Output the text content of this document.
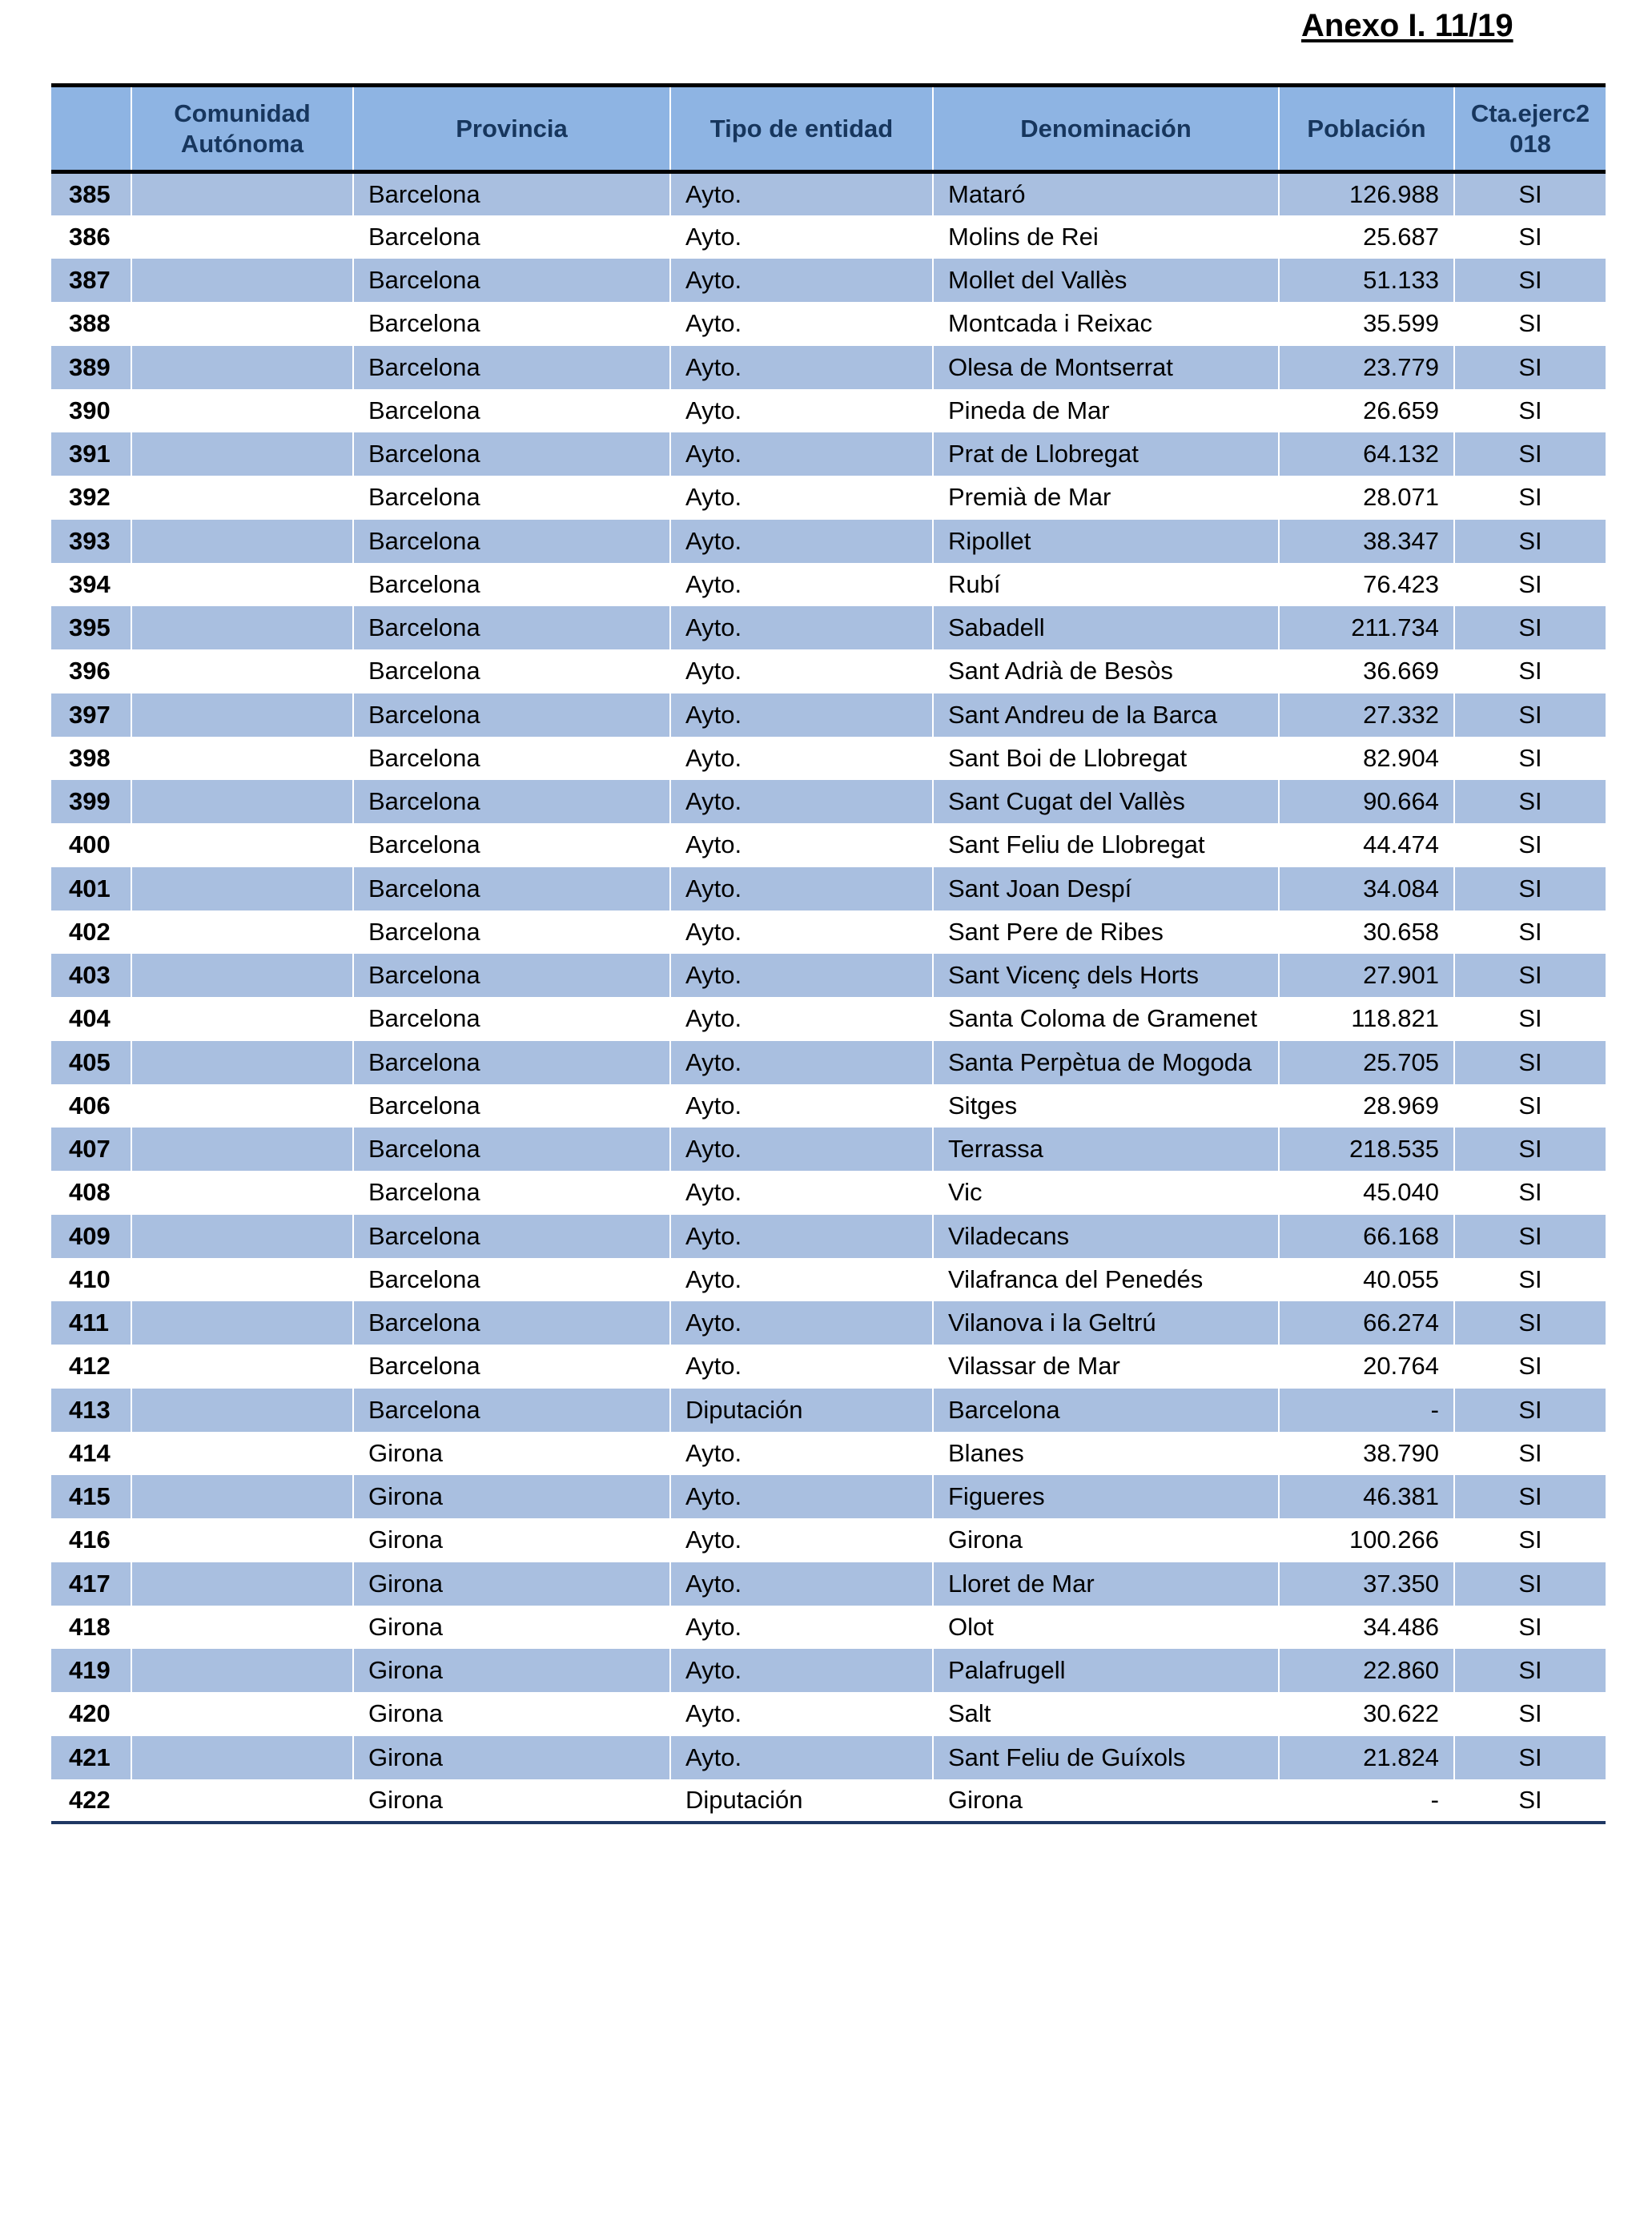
Anexo I. 11/19
	Comunidad Autónoma	Provincia	Tipo de entidad	Denominación	Población	Cta.ejerc2 018
385		Barcelona	Ayto.	Mataró	126.988	SI
386		Barcelona	Ayto.	Molins de Rei	25.687	SI
387		Barcelona	Ayto.	Mollet del Vallès	51.133	SI
388		Barcelona	Ayto.	Montcada i Reixac	35.599	SI
389		Barcelona	Ayto.	Olesa de Montserrat	23.779	SI
390		Barcelona	Ayto.	Pineda de Mar	26.659	SI
391		Barcelona	Ayto.	Prat de Llobregat	64.132	SI
392		Barcelona	Ayto.	Premià de Mar	28.071	SI
393		Barcelona	Ayto.	Ripollet	38.347	SI
394		Barcelona	Ayto.	Rubí	76.423	SI
395		Barcelona	Ayto.	Sabadell	211.734	SI
396		Barcelona	Ayto.	Sant Adrià de Besòs	36.669	SI
397		Barcelona	Ayto.	Sant Andreu de la Barca	27.332	SI
398		Barcelona	Ayto.	Sant Boi de Llobregat	82.904	SI
399		Barcelona	Ayto.	Sant Cugat del Vallès	90.664	SI
400		Barcelona	Ayto.	Sant Feliu de Llobregat	44.474	SI
401		Barcelona	Ayto.	Sant Joan Despí	34.084	SI
402		Barcelona	Ayto.	Sant Pere de Ribes	30.658	SI
403		Barcelona	Ayto.	Sant Vicenç dels Horts	27.901	SI
404		Barcelona	Ayto.	Santa Coloma de Gramenet	118.821	SI
405		Barcelona	Ayto.	Santa Perpètua de Mogoda	25.705	SI
406		Barcelona	Ayto.	Sitges	28.969	SI
407		Barcelona	Ayto.	Terrassa	218.535	SI
408		Barcelona	Ayto.	Vic	45.040	SI
409		Barcelona	Ayto.	Viladecans	66.168	SI
410		Barcelona	Ayto.	Vilafranca del Penedés	40.055	SI
411		Barcelona	Ayto.	Vilanova i la Geltrú	66.274	SI
412		Barcelona	Ayto.	Vilassar de Mar	20.764	SI
413		Barcelona	Diputación	Barcelona	-	SI
414		Girona	Ayto.	Blanes	38.790	SI
415		Girona	Ayto.	Figueres	46.381	SI
416		Girona	Ayto.	Girona	100.266	SI
417		Girona	Ayto.	Lloret de Mar	37.350	SI
418		Girona	Ayto.	Olot	34.486	SI
419		Girona	Ayto.	Palafrugell	22.860	SI
420		Girona	Ayto.	Salt	30.622	SI
421		Girona	Ayto.	Sant Feliu de Guíxols	21.824	SI
422		Girona	Diputación	Girona	-	SI
